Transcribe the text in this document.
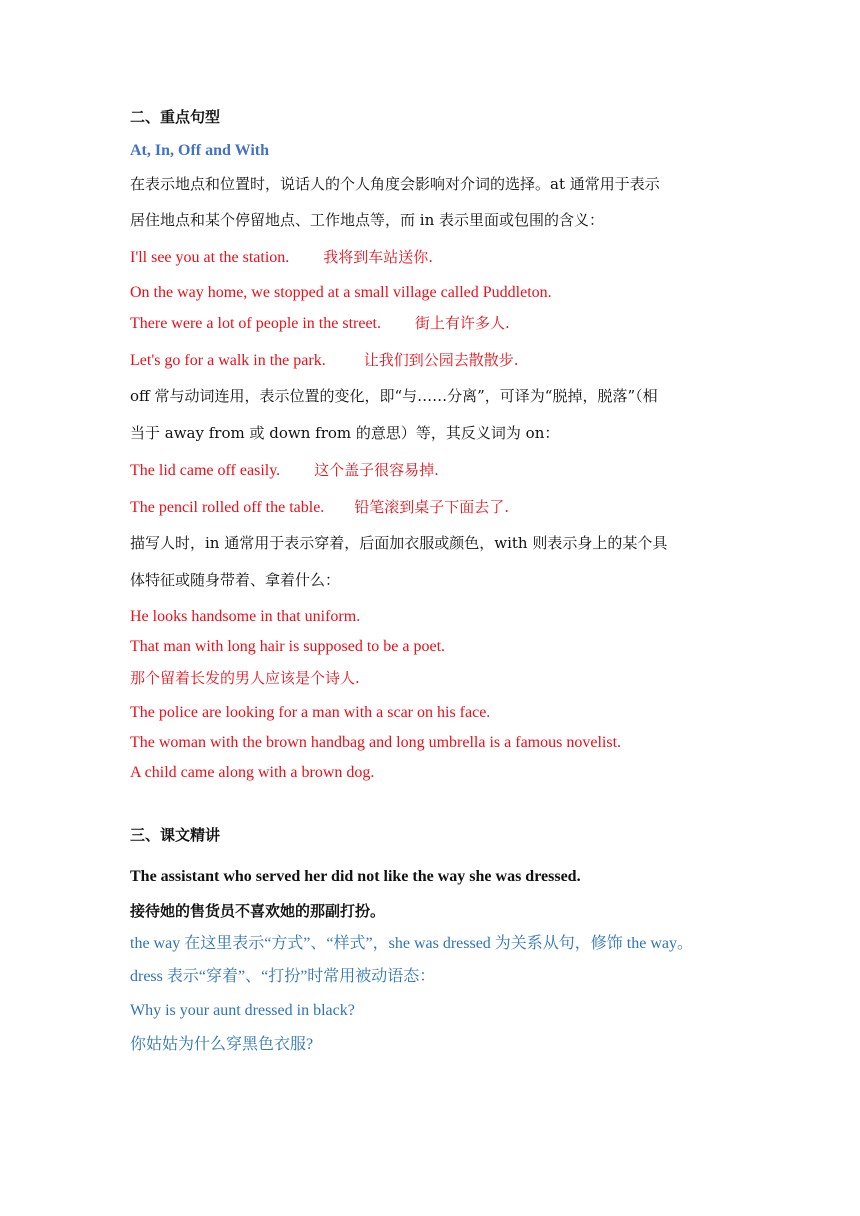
二、重点句型
At, In, Off and With
在表示地点和位置时，说话人的个人角度会影响对介词的选择。at 通常用于表示
居住地点和某个停留地点、工作地点等，而 in 表示里面或包围的含义：
I'll see you at the station. 我将到车站送你.
On the way home, we stopped at a small village called Puddleton.
There were a lot of people in the street. 街上有许多人.
Let's go for a walk in the park.	让我们到公园去散散步.
off 常与动词连用，表示位置的变化，即“与……分离”，可译为“脱掉，脱落”（相
当于 away from 或 down from 的意思）等，其反义词为 on：
The lid came off easily. 这个盖子很容易掉.
The pencil rolled off the table. 铅笔滚到桌子下面去了.
描写人时，in 通常用于表示穿着，后面加衣服或颜色，with 则表示身上的某个具
体特征或随身带着、拿着什么：
He looks handsome in that uniform.
That man with long hair is supposed to be a poet.
那个留着长发的男人应该是个诗人.
The police are looking for a man with a scar on his face.
The woman with the brown handbag and long umbrella is a famous novelist.
A child came along with a brown dog.
三、课文精讲
The assistant who served her did not like the way she was dressed.
接待她的售货员不喜欢她的那副打扮。
the way 在这里表示“方式”、“样式”，she was dressed 为关系从句，修饰 the way。
dress 表示“穿着”、“打扮”时常用被动语态：
Why is your aunt dressed in black?
你姑姑为什么穿黑色衣服?
